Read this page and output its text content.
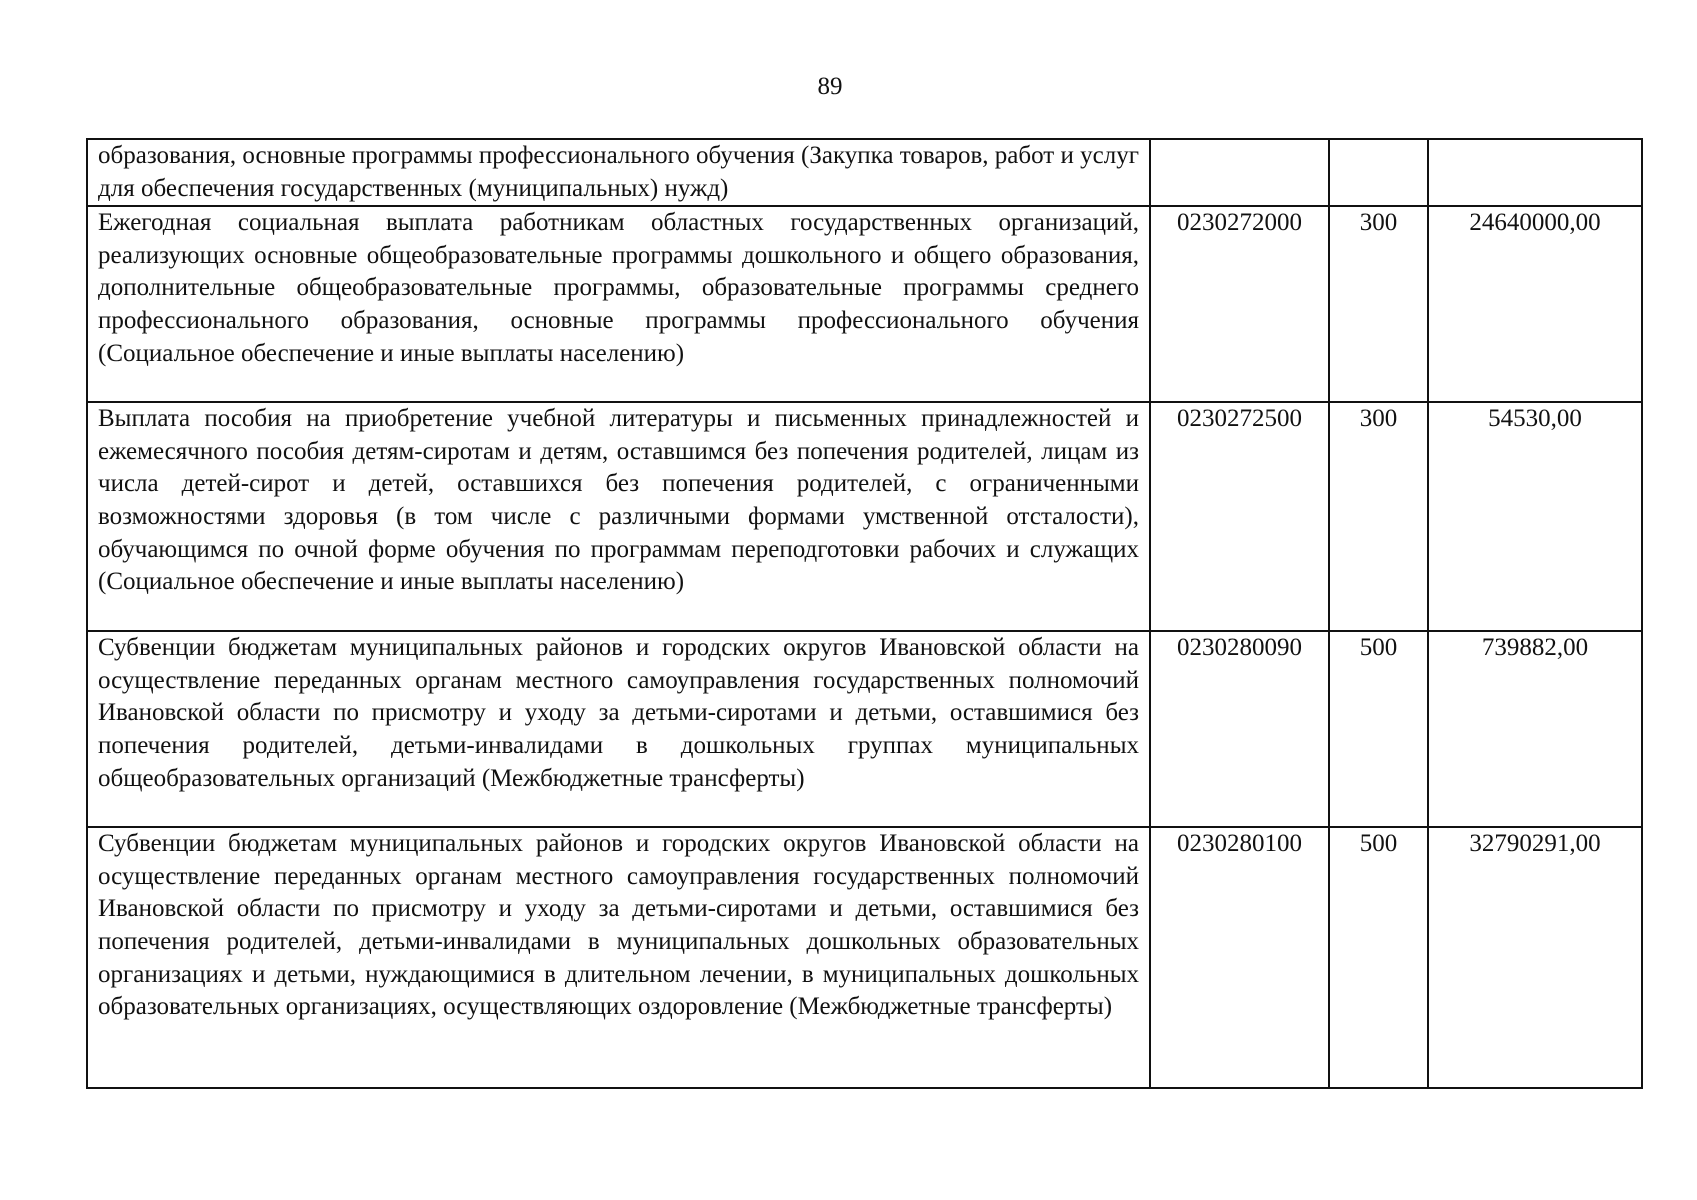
89
образования, основные программы профессионального обучения (Закупка товаров, работ и услуг для обеспечения государственных (муниципальных) нужд)			
Ежегодная социальная выплата работникам областных государственных организаций, реализующих основные общеобразовательные программы дошкольного и общего образования, дополнительные общеобразовательные программы, образовательные программы среднего профессионального образования, основные программы профессионального обучения (Социальное обеспечение и иные выплаты населению)	0230272000	300	24640000,00
Выплата пособия на приобретение учебной литературы и письменных принадлежностей и ежемесячного пособия детям-сиротам и детям, оставшимся без попечения родителей, лицам из числа детей-сирот и детей, оставшихся без попечения родителей, с ограниченными возможностями здоровья (в том числе с различными формами умственной отсталости), обучающимся по очной форме обучения по программам переподготовки рабочих и служащих (Социальное обеспечение и иные выплаты населению)	0230272500	300	54530,00
Субвенции бюджетам муниципальных районов и городских округов Ивановской области на осуществление переданных органам местного самоуправления государственных полномочий Ивановской области по присмотру и уходу за детьми-сиротами и детьми, оставшимися без попечения родителей, детьми-инвалидами в дошкольных группах муниципальных общеобразовательных организаций (Межбюджетные трансферты)	0230280090	500	739882,00
Субвенции бюджетам муниципальных районов и городских округов Ивановской области на осуществление переданных органам местного самоуправления государственных полномочий Ивановской области по присмотру и уходу за детьми-сиротами и детьми, оставшимися без попечения родителей, детьми-инвалидами в муниципальных дошкольных образовательных организациях и детьми, нуждающимися в длительном лечении, в муниципальных дошкольных образовательных организациях, осуществляющих оздоровление (Межбюджетные трансферты)	0230280100	500	32790291,00
